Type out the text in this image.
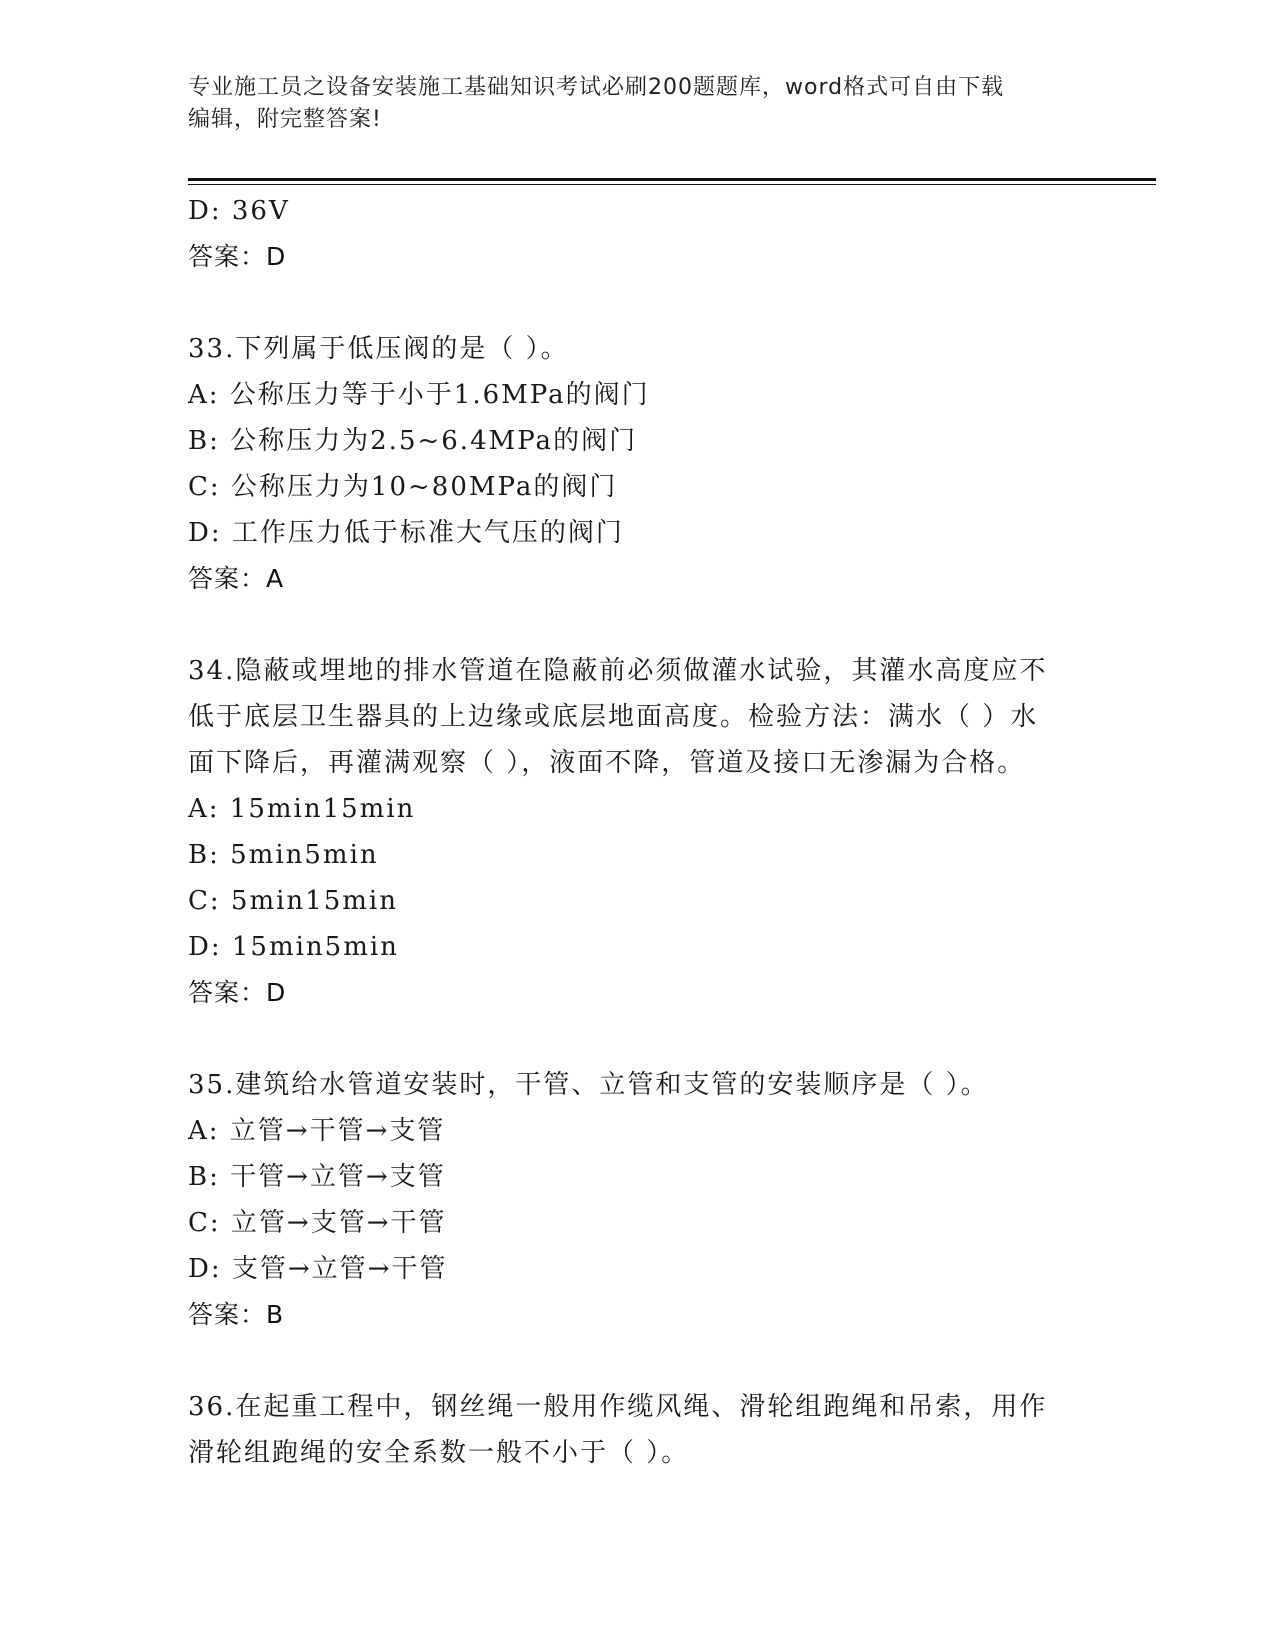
专业施工员之设备安装施工基础知识考试必刷200题题库，word格式可自由下载
编辑，附完整答案!
D: 36V
答案：D
33.下列属于低压阀的是（ ）。
A: 公称压力等于小于1.6MPa的阀门
B: 公称压力为2.5~6.4MPa的阀门
C: 公称压力为10~80MPa的阀门
D: 工作压力低于标准大气压的阀门
答案：A
34.隐蔽或埋地的排水管道在隐蔽前必须做灌水试验，其灌水高度应不
低于底层卫生器具的上边缘或底层地面高度。检验方法：满水（ ）水
面下降后，再灌满观察（ ），液面不降，管道及接口无渗漏为合格。
A: 15min15min
B: 5min5min
C: 5min15min
D: 15min5min
答案：D
35.建筑给水管道安装时，干管、立管和支管的安装顺序是（ ）。
A: 立管→干管→支管
B: 干管→立管→支管
C: 立管→支管→干管
D: 支管→立管→干管
答案：B
36.在起重工程中，钢丝绳一般用作缆风绳、滑轮组跑绳和吊索，用作
滑轮组跑绳的安全系数一般不小于（ ）。
